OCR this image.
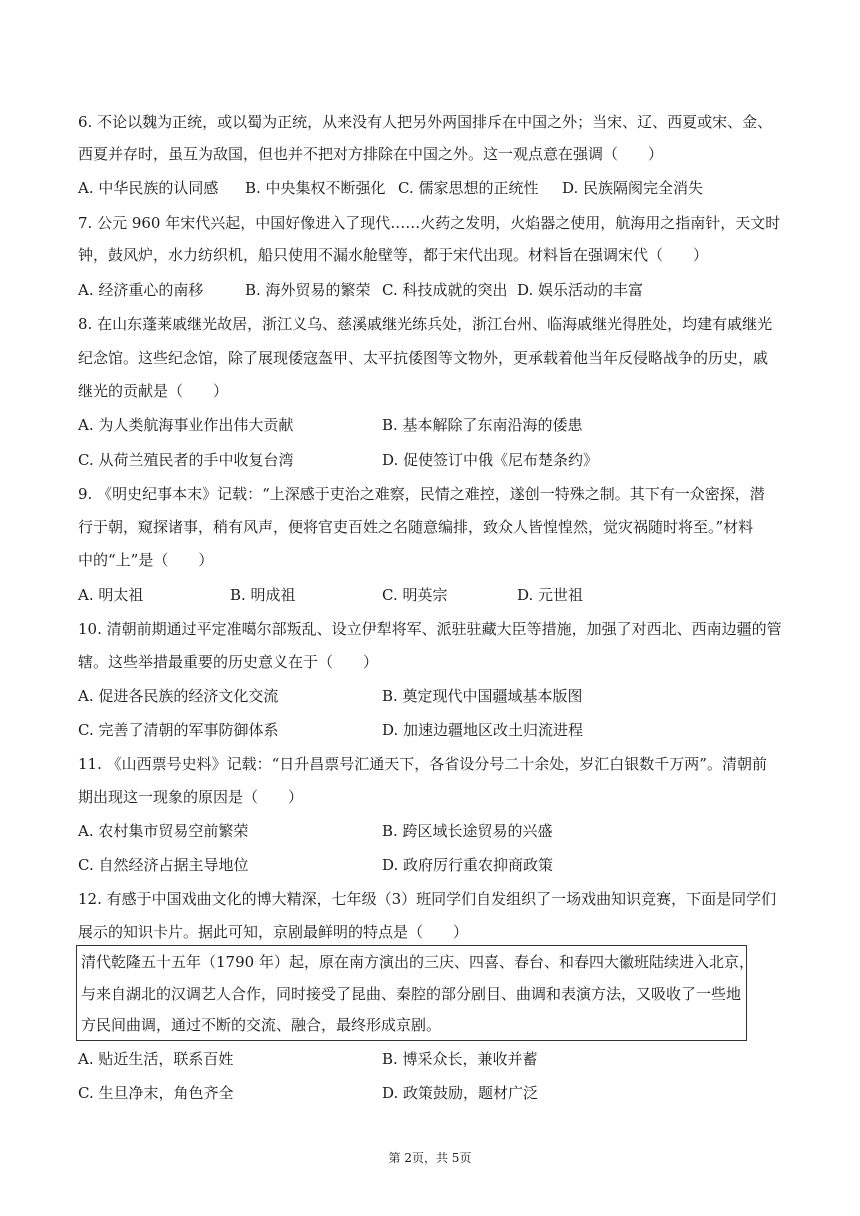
6. 不论以魏为正统，或以蜀为正统，从来没有人把另外两国排斥在中国之外；当宋、辽、西夏或宋、金、
西夏并存时，虽互为敌国，但也并不把对方排除在中国之外。这一观点意在强调（　　）
A. 中华民族的认同感 B. 中央集权不断强化 C. 儒家思想的正统性 D. 民族隔阂完全消失
7. 公元 960 年宋代兴起，中国好像进入了现代……火药之发明，火焰器之使用，航海用之指南针，天文时
钟，鼓风炉，水力纺织机，船只使用不漏水舱壁等，都于宋代出现。材料旨在强调宋代（　　）
A. 经济重心的南移	B. 海外贸易的繁荣 C. 科技成就的突出 D. 娱乐活动的丰富
8. 在山东蓬莱戚继光故居，浙江义乌、慈溪戚继光练兵处，浙江台州、临海戚继光得胜处，均建有戚继光
纪念馆。这些纪念馆，除了展现倭寇盔甲、太平抗倭图等文物外，更承载着他当年反侵略战争的历史，戚
继光的贡献是（　　）
A. 为人类航海事业作出伟大贡献	B. 基本解除了东南沿海的倭患
C. 从荷兰殖民者的手中收复台湾	D. 促使签订中俄《尼布楚条约》
9. 《明史纪事本末》记载：“上深感于吏治之难察，民情之难控，遂创一特殊之制。其下有一众密探，潜
行于朝，窥探诸事，稍有风声，便将官吏百姓之名随意编排，致众人皆惶惶然，觉灾祸随时将至。”材料
中的“上”是（　　）
A. 明太祖	B. 明成祖	C. 明英宗	D. 元世祖
10. 清朝前期通过平定准噶尔部叛乱、设立伊犁将军、派驻驻藏大臣等措施，加强了对西北、西南边疆的管
辖。这些举措最重要的历史意义在于（　　）
A. 促进各民族的经济文化交流	B. 奠定现代中国疆域基本版图
C. 完善了清朝的军事防御体系	D. 加速边疆地区改土归流进程
11. 《山西票号史料》记载：“日升昌票号汇通天下，各省设分号二十余处，岁汇白银数千万两”。清朝前
期出现这一现象的原因是（　　）
A. 农村集市贸易空前繁荣	B. 跨区域长途贸易的兴盛
C. 自然经济占据主导地位	D. 政府厉行重农抑商政策
12. 有感于中国戏曲文化的博大精深，七年级（3）班同学们自发组织了一场戏曲知识竞赛，下面是同学们
展示的知识卡片。据此可知，京剧最鲜明的特点是（　　）
清代乾隆五十五年（1790 年）起，原在南方演出的三庆、四喜、春台、和春四大徽班陆续进入北京，
与来自湖北的汉调艺人合作，同时接受了昆曲、秦腔的部分剧目、曲调和表演方法，又吸收了一些地
方民间曲调，通过不断的交流、融合，最终形成京剧。
A. 贴近生活，联系百姓	B. 博采众长，兼收并蓄
C. 生旦净末，角色齐全	D. 政策鼓励，题材广泛
第 2页，共 5页
